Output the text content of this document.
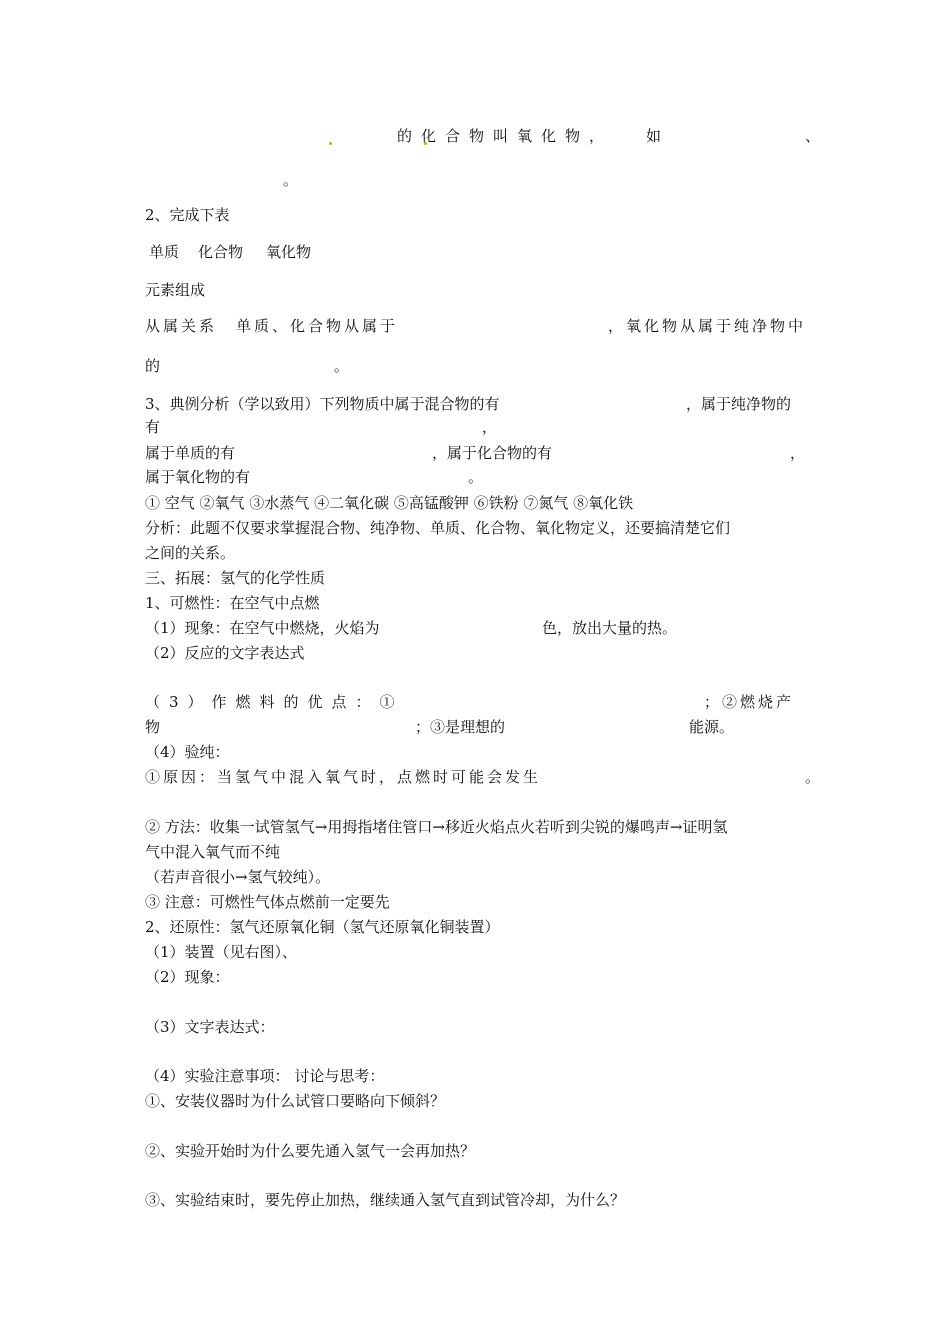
的化合物叫氧化物， 如	、
。
2、完成下表
单质 化合物 氧化物
元素组成
从属关系 单质、化合物从属于	，氧化物从属于纯净物中
的	。
3、典例分析（学以致用）下列物质中属于混合物的有	，属于纯净物的
有	，
属于单质的有	，属于化合物的有	，
属于氧化物的有	。
① 空气 ②氧气 ③水蒸气 ④二氧化碳 ⑤高锰酸钾 ⑥铁粉 ⑦氮气 ⑧氧化铁
分析：此题不仅要求掌握混合物、纯净物、单质、化合物、氧化物定义，还要搞清楚它们
之间的关系。
三、拓展：氢气的化学性质
1、可燃性：在空气中点燃
（1）现象：在空气中燃烧，火焰为	色，放出大量的热。
（2）反应的文字表达式
（3）作燃料的优点：①	；②燃烧产
物	；③是理想的	能源。
（4）验纯：
①原因：当氢气中混入氧气时，点燃时可能会发生	。
② 方法：收集一试管氢气→用拇指堵住管口→移近火焰点火若听到尖锐的爆鸣声→证明氢
气中混入氧气而不纯
（若声音很小→氢气较纯）。
③ 注意：可燃性气体点燃前一定要先
2、还原性：氢气还原氧化铜（氢气还原氧化铜装置）
（1）装置（见右图）、
（2）现象：
（3）文字表达式：
（4）实验注意事项： 讨论与思考：
①、安装仪器时为什么试管口要略向下倾斜？
②、实验开始时为什么要先通入氢气一会再加热？
③、实验结束时，要先停止加热，继续通入氢气直到试管冷却，为什么？
